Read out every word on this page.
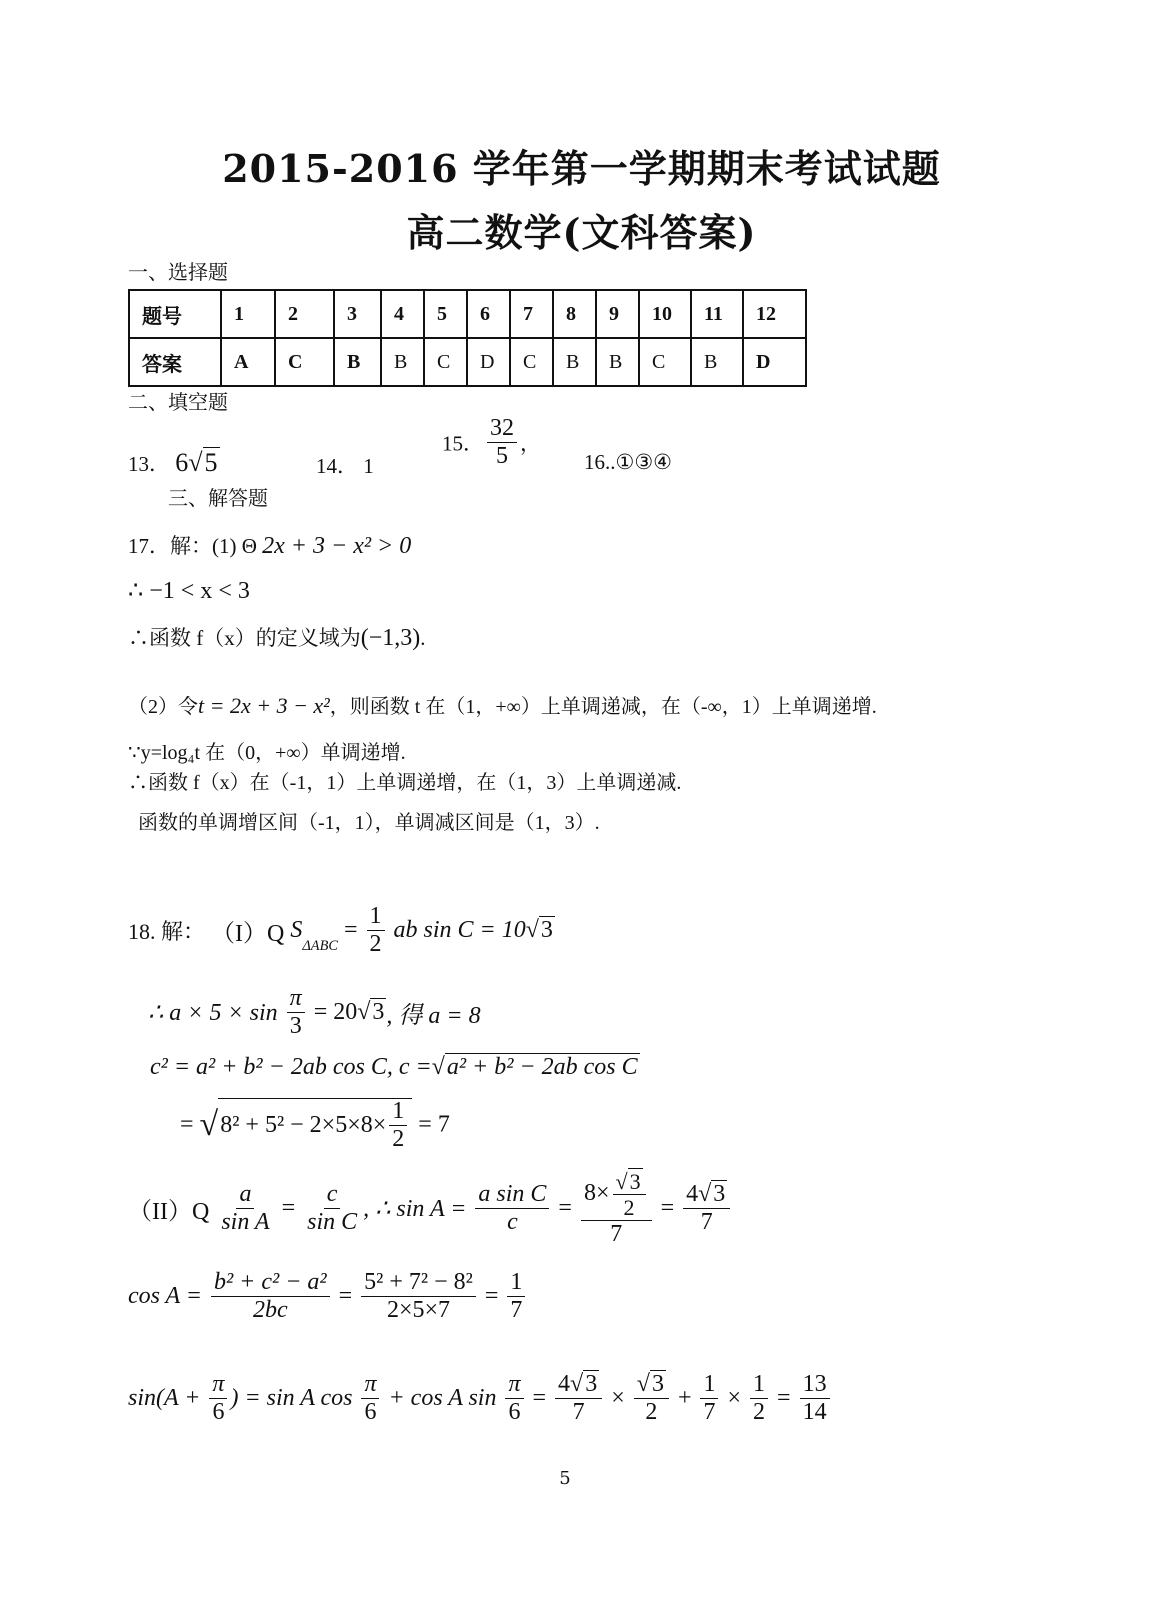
2015-2016 学年第一学期期末考试试题
高二数学(文科答案)
一、选择题
题号	1	2	3	4	5	6	7	8	9	10	11	12
答案	A	C	B	B	C	D	C	B	B	C	B	D
二、填空题
13． 6√5	14． 1
15． $\frac{32}{5}$ ，
16..①③④
三、解答题
17．解：(1) Θ 2x + 3 − x² > 0
∴ −1 < x < 3
∴函数 f（x）的定义域为(−1,3).
（2）令t = 2x + 3 − x²，则函数 t 在（1，+∞）上单调递减，在（-∞，1）上单调递增.
∵y=log₄t 在（0，+∞）单调递增.
∴函数 f（x）在（-1，1）上单调递增，在（1，3）上单调递减.
函数的单调增区间（-1，1），单调减区间是（1，3）.
18. 解： （I）Q $S_{\Delta ABC} = \frac{1}{2}$ ab sin C = 10√3
∴ $a \times 5 \times \sin \frac{\pi}{3} = 20√3$, 得 a = 8
c² = a² + b² − 2ab cos C, c =√a² + b² − 2ab cos C
= $√8^2 + 5^2 - 2\times 5\times 8\times \frac{1}{2} = 7$
$(II)Q \frac{a}{\text{sin A}} = \frac{c}{\text{sin C}}$ , ∴ $\sin A = \frac{\text{a sin C}}{c} = \frac{8\times \frac{√3}{2}}{7} = \frac{4√3}{7}$
$\cos A = \frac{\text{b² + c² − a²}}{2bc} = \frac{\text{5² + 7² − 8²}}{2\times 5\times 7} = \frac{1}{7}$
$\sin(A + \frac{\pi}{6}$ ) = sin A $\cos \frac{\pi}{6} + \cos A$ $\sin \frac{\pi}{6} = \frac{4√3}{7} \times \frac{√3}{2} + \frac{1}{7} \times \frac{1}{2} = \frac{13}{14}$
5
